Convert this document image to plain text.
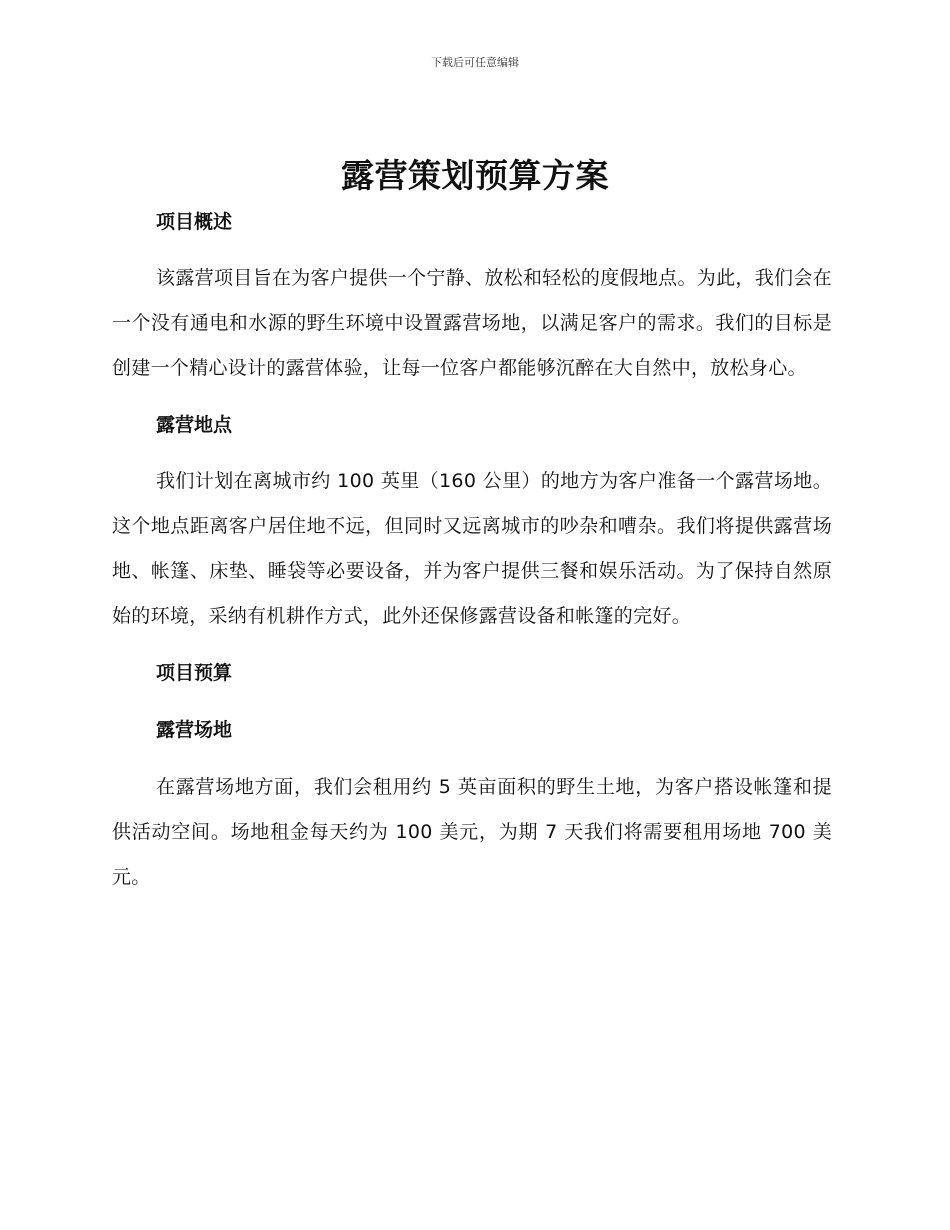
下载后可任意编辑
露营策划预算方案
项目概述

该露营项目旨在为客户提供一个宁静、放松和轻松的度假地点。为此，我们会在一个没有通电和水源的野生环境中设置露营场地，以满足客户的需求。我们的目标是创建一个精心设计的露营体验，让每一位客户都能够沉醉在大自然中，放松身心。

露营地点

我们计划在离城市约 100 英里（160 公里）的地方为客户准备一个露营场地。这个地点距离客户居住地不远，但同时又远离城市的吵杂和嘈杂。我们将提供露营场地、帐篷、床垫、睡袋等必要设备，并为客户提供三餐和娱乐活动。为了保持自然原始的环境，采纳有机耕作方式，此外还保修露营设备和帐篷的完好。

项目预算
露营场地

在露营场地方面，我们会租用约 5 英亩面积的野生土地，为客户搭设帐篷和提供活动空间。场地租金每天约为 100 美元，为期 7 天我们将需要租用场地 700 美元。
